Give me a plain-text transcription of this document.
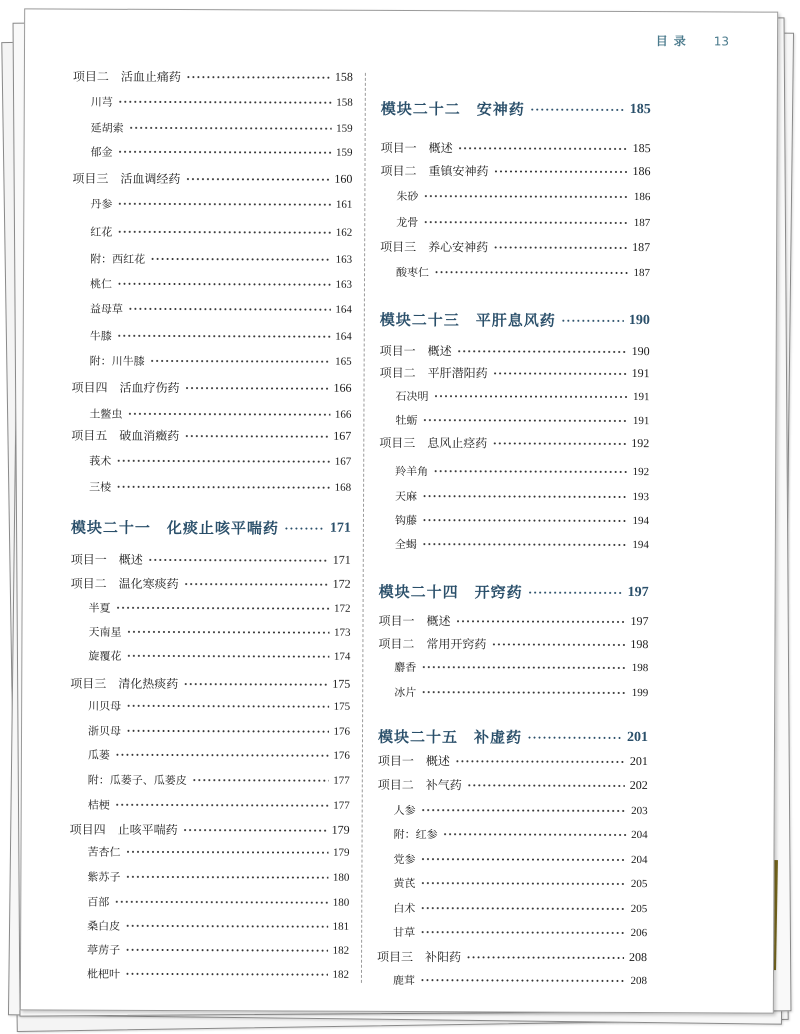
目录 13
项目二　活血止痛药	158
川芎	158
延胡索	159
郁金	159
项目三　活血调经药	160
丹参	161
红花	162
附：西红花	163
桃仁	163
益母草	164
牛膝	164
附：川牛膝	165
项目四　活血疗伤药	166
土鳖虫	166
项目五　破血消癥药	167
莪术	167
三棱	168
模块二十一　化痰止咳平喘药	171
项目一　概述	171
项目二　温化寒痰药	172
半夏	172
天南星	173
旋覆花	174
项目三　清化热痰药	175
川贝母	175
浙贝母	176
瓜蒌	176
附：瓜蒌子、瓜蒌皮	177
桔梗	177
项目四　止咳平喘药	179
苦杏仁	179
紫苏子	180
百部	180
桑白皮	181
葶苈子	182
枇杷叶	182
模块二十二　安神药	185
项目一　概述	185
项目二　重镇安神药	186
朱砂	186
龙骨	187
项目三　养心安神药	187
酸枣仁	187
模块二十三　平肝息风药	190
项目一　概述	190
项目二　平肝潜阳药	191
石决明	191
牡蛎	191
项目三　息风止痉药	192
羚羊角	192
天麻	193
钩藤	194
全蝎	194
模块二十四　开窍药	197
项目一　概述	197
项目二　常用开窍药	198
麝香	198
冰片	199
模块二十五　补虚药	201
项目一　概述	201
项目二　补气药	202
人参	203
附：红参	204
党参	204
黄芪	205
白术	205
甘草	206
项目三　补阳药	208
鹿茸	208
